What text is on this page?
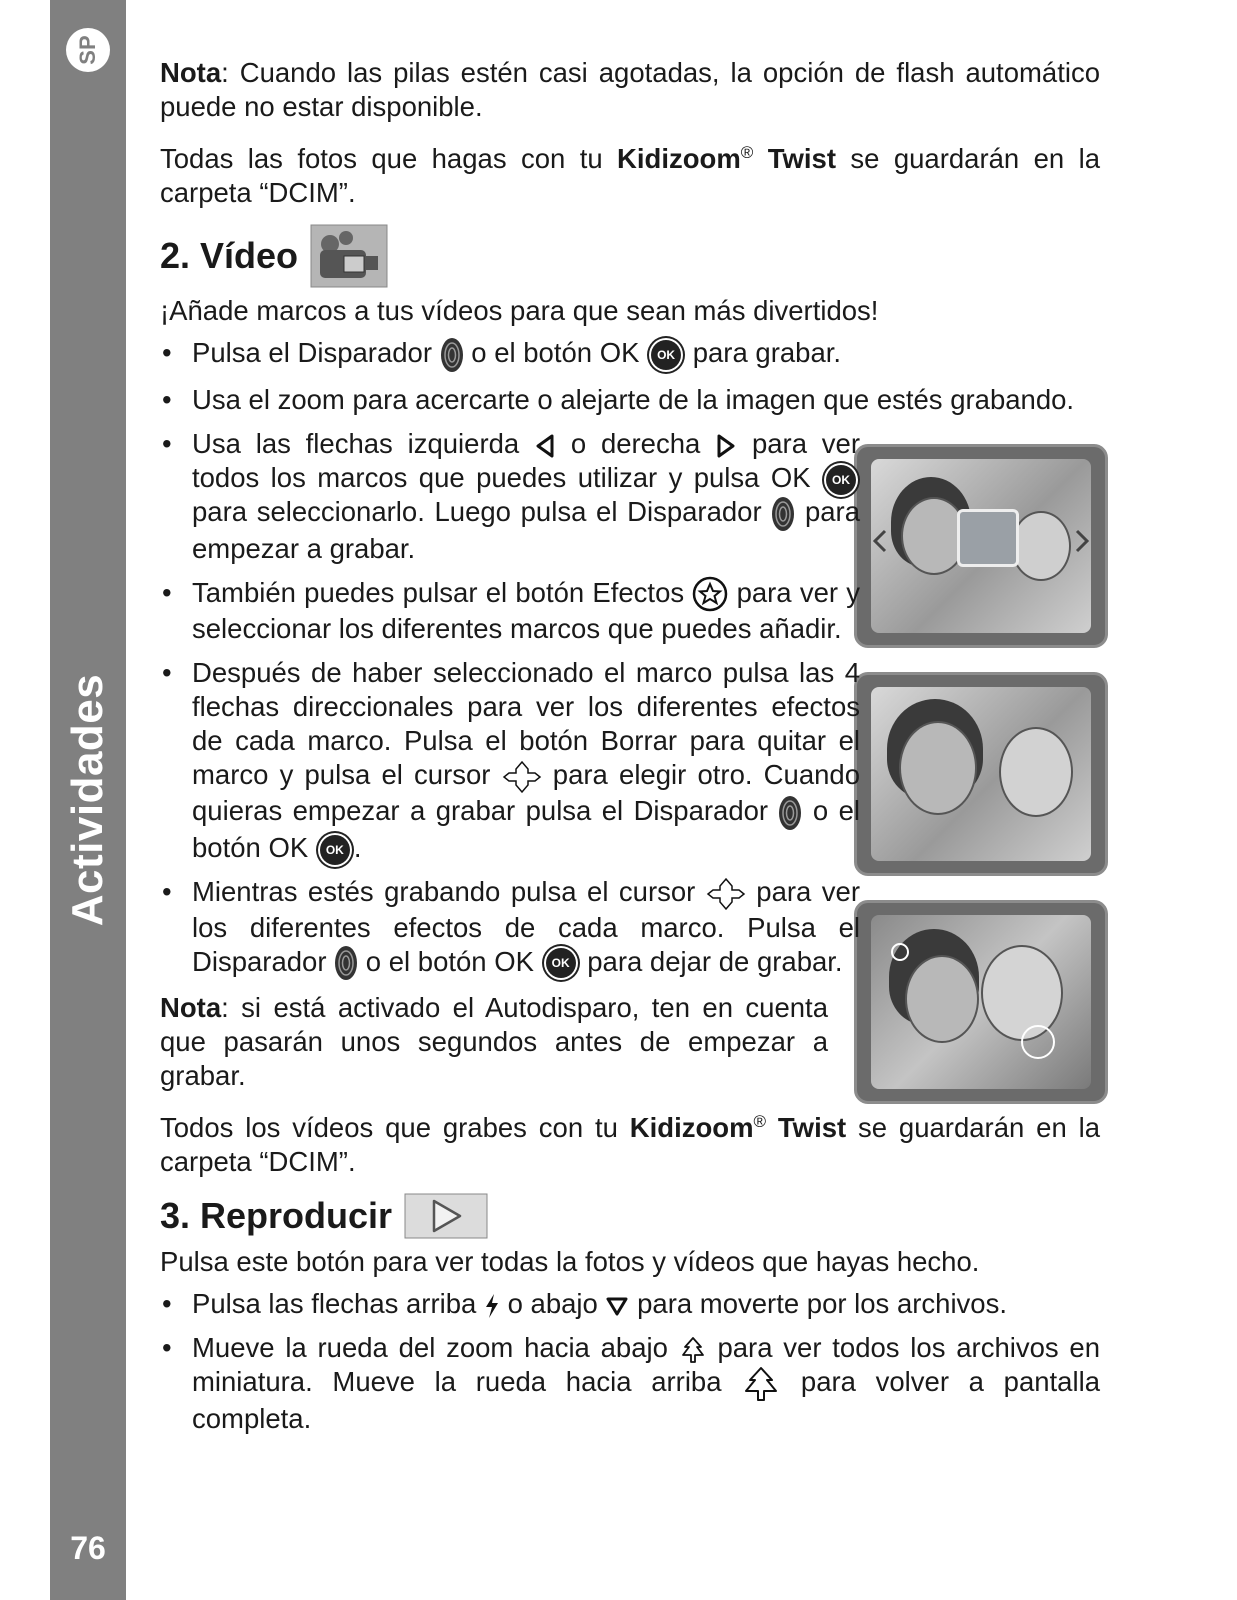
SP
Actividades
76

Nota: Cuando las pilas estén casi agotadas, la opción de flash automático puede no estar disponible.

Todas las fotos que hagas con tu Kidizoom® Twist se guardarán en la carpeta “DCIM”.

2. Vídeo

¡Añade marcos a tus vídeos para que sean más divertidos!

• Pulsa el Disparador  o el botón OK OK para grabar.
• Usa el zoom para acercarte o alejarte de la imagen que estés grabando.
• Usa las flechas izquierda  o derecha  para ver todos los marcos que puedes utilizar y pulsa OK OK para seleccionarlo. Luego pulsa el Disparador  para empezar a grabar.
• También puedes pulsar el botón Efectos  para ver y seleccionar los diferentes marcos que puedes añadir.
• Después de haber seleccionado el marco pulsa las 4 flechas direccionales para ver los diferentes efectos de cada marco. Pulsa el botón Borrar para quitar el marco y pulsa el cursor  para elegir otro. Cuando quieras empezar a grabar pulsa el Disparador  o el botón OK OK .
• Mientras estés grabando pulsa el cursor  para ver los diferentes efectos de cada marco. Pulsa el Disparador  o el botón OK OK para dejar de grabar.

Nota: si está activado el Autodisparo, ten en cuenta que pasarán unos segundos antes de empezar a grabar.

Todos los vídeos que grabes con tu Kidizoom® Twist se guardarán en la carpeta “DCIM”.

3. Reproducir

Pulsa este botón para ver todas la fotos y vídeos que hayas hecho.

• Pulsa las flechas arriba  o abajo  para moverte por los archivos.
• Mueve la rueda del zoom hacia abajo  para ver todos los archivos en miniatura. Mueve la rueda hacia arriba  para volver a pantalla completa.
